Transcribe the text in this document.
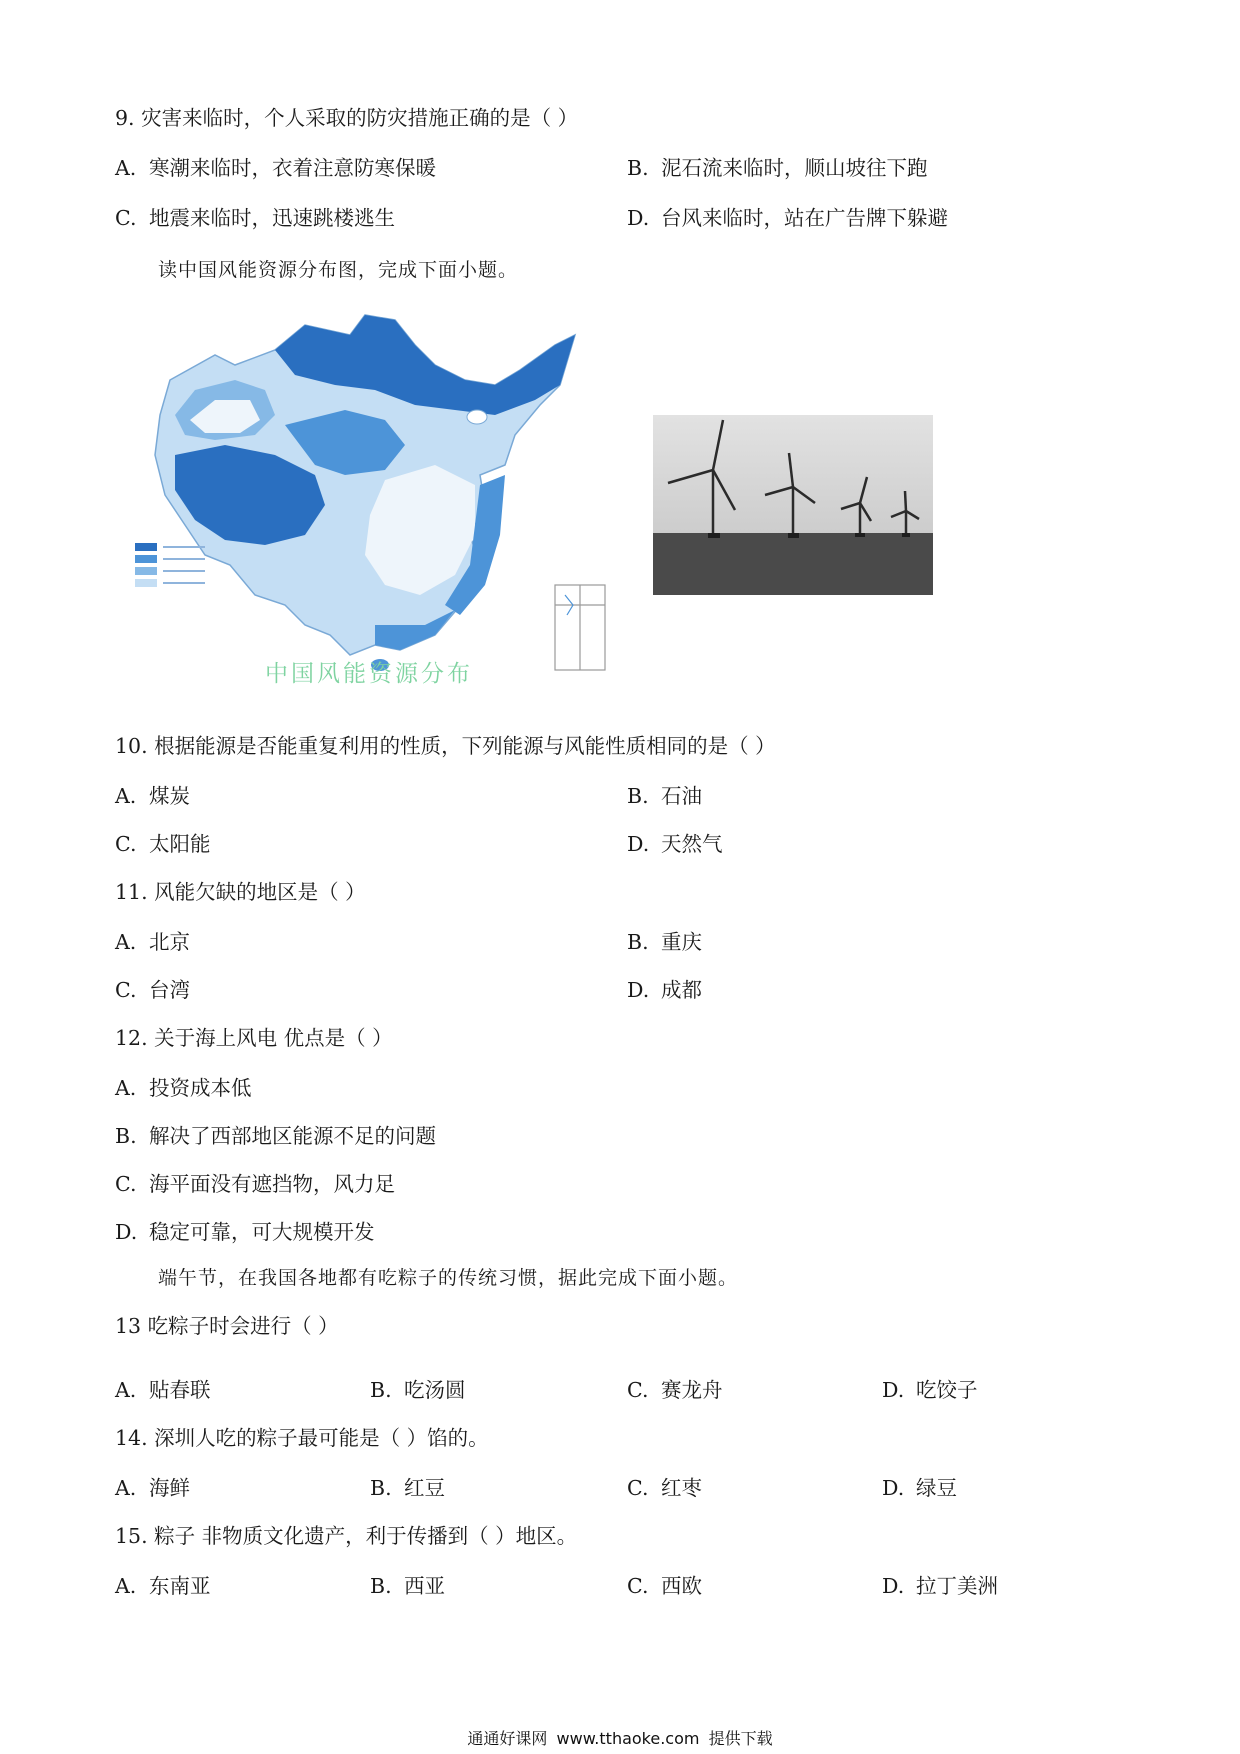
9. 灾害来临时，个人采取的防灾措施正确的是（ ）
A. 寒潮来临时，衣着注意防寒保暖	B. 泥石流来临时，顺山坡往下跑
C. 地震来临时，迅速跳楼逃生	D. 台风来临时，站在广告牌下躲避
读中国风能资源分布图，完成下面小题。
中国风能资源分布
10. 根据能源是否能重复利用的性质，下列能源与风能性质相同的是（ ）
A. 煤炭	B. 石油
C. 太阳能	D. 天然气
11. 风能欠缺的地区是（ ）
A. 北京	B. 重庆
C. 台湾	D. 成都
12. 关于海上风电 优点是（ ）
A. 投资成本低
B. 解决了西部地区能源不足的问题
C. 海平面没有遮挡物，风力足
D. 稳定可靠，可大规模开发
端午节，在我国各地都有吃粽子的传统习惯，据此完成下面小题。
13 吃粽子时会进行（ ）
A. 贴春联	B. 吃汤圆	C. 赛龙舟	D. 吃饺子
14. 深圳人吃的粽子最可能是（ ）馅的。
A. 海鲜	B. 红豆	C. 红枣	D. 绿豆
15. 粽子 非物质文化遗产，利于传播到（ ）地区。
A. 东南亚	B. 西亚	C. 西欧	D. 拉丁美洲
通通好课网 www.tthaoke.com 提供下载
